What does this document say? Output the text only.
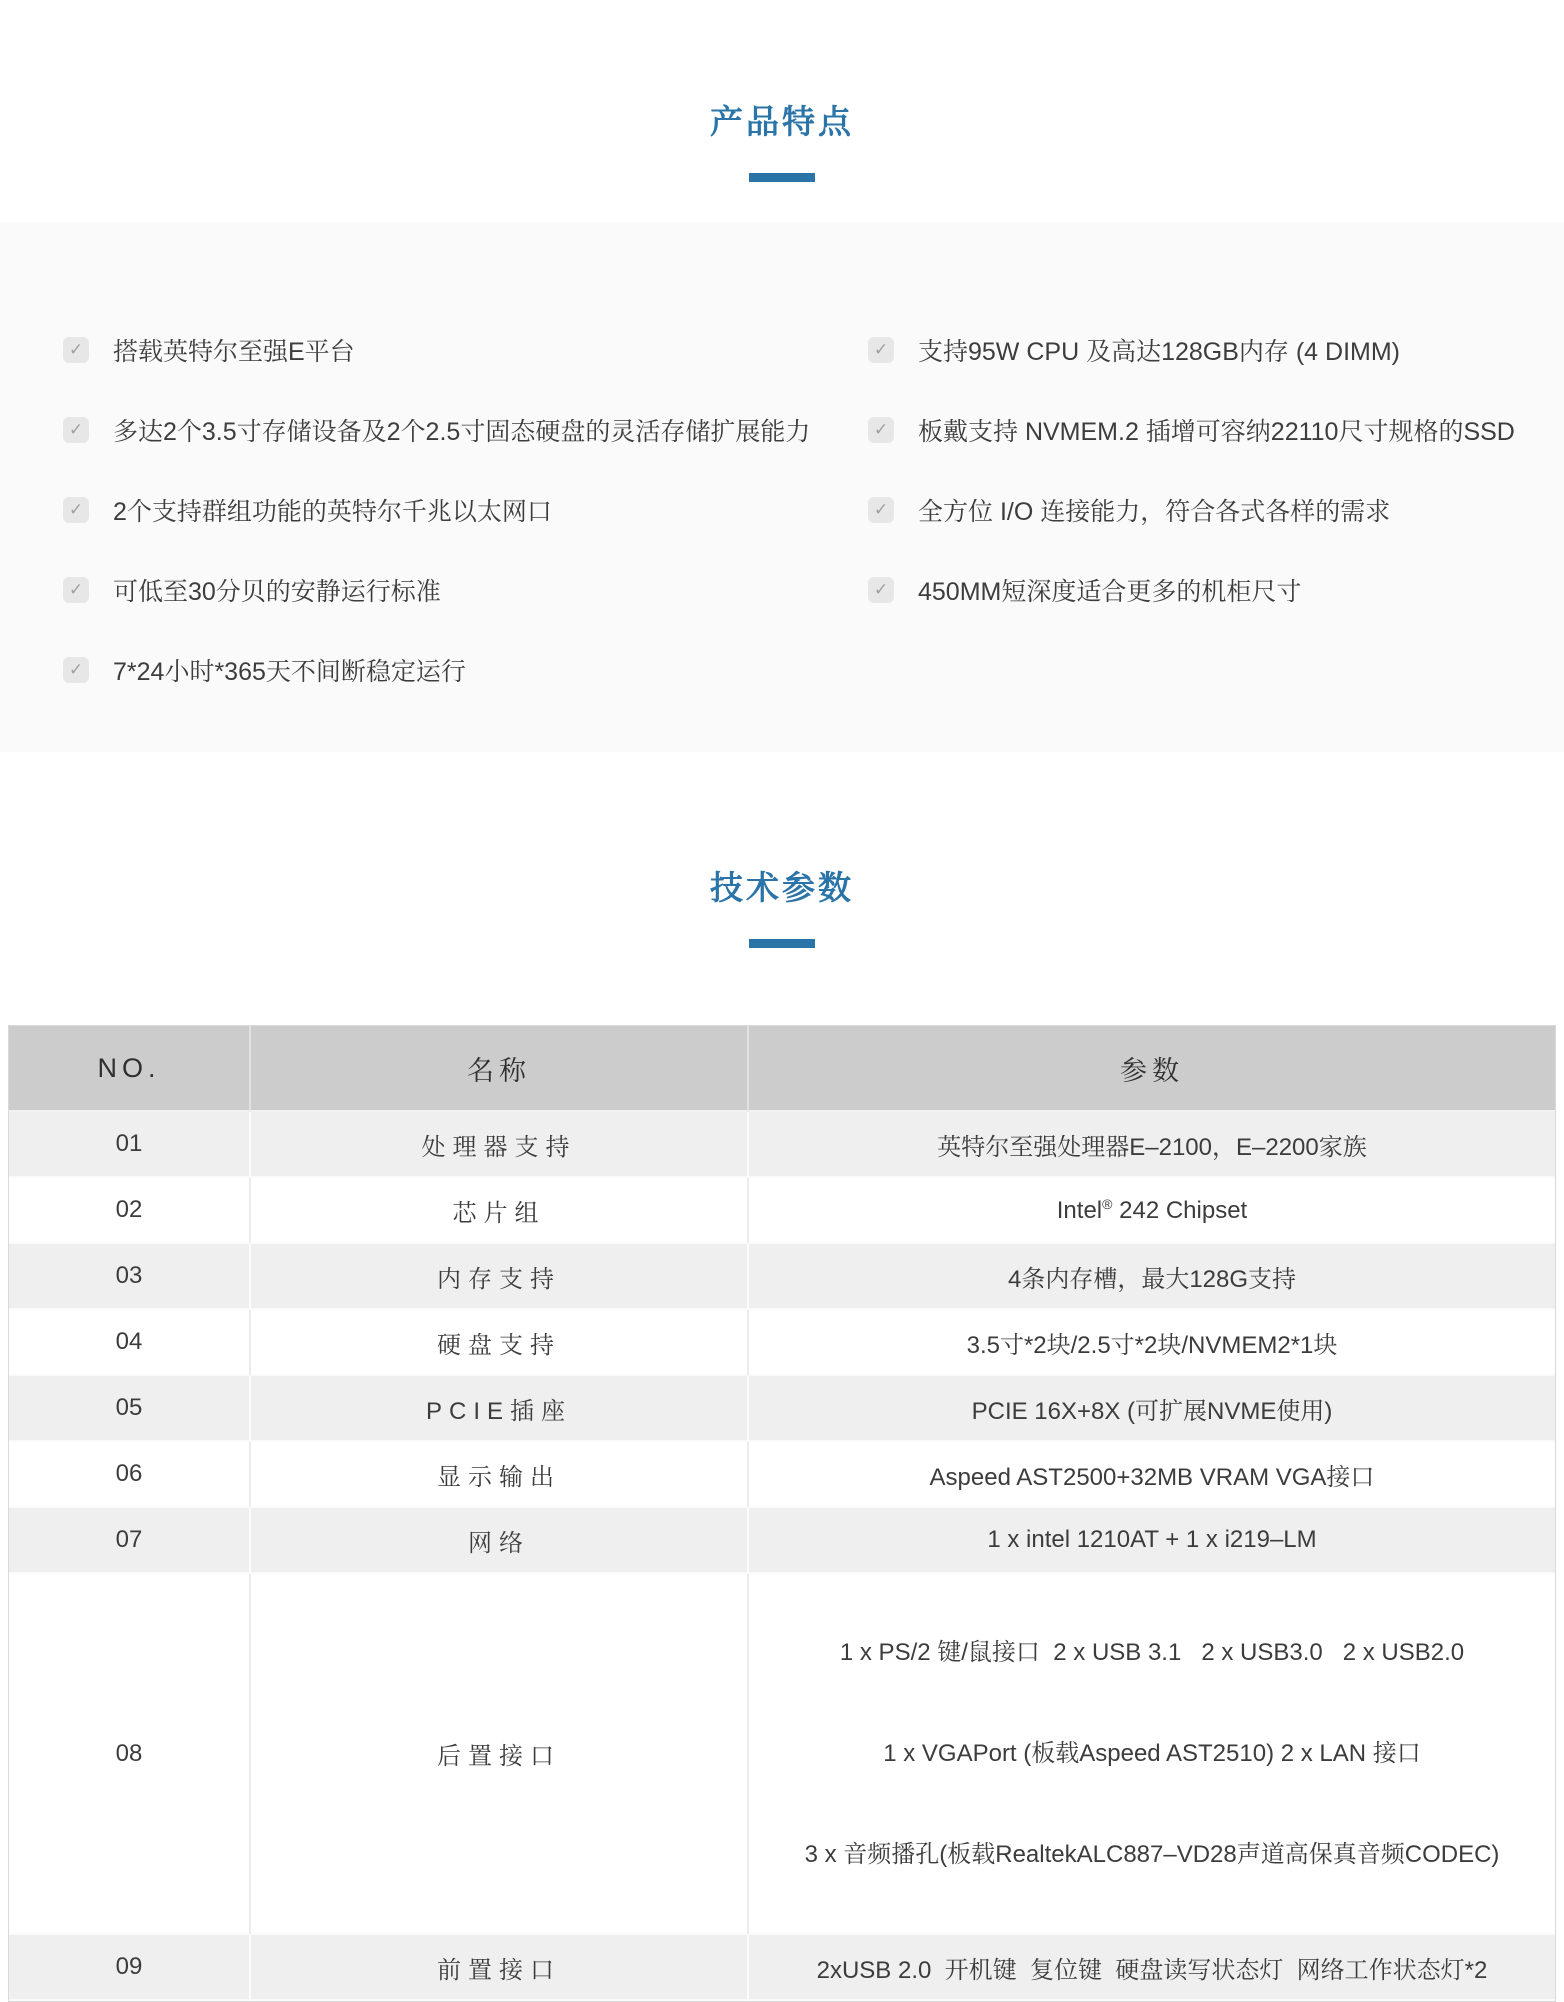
产品特点
✓ 搭载英特尔至强E平台
✓ 多达2个3.5寸存储设备及2个2.5寸固态硬盘的灵活存储扩展能力
✓ 2个支持群组功能的英特尔千兆以太网口
✓ 可低至30分贝的安静运行标准
✓ 7*24小时*365天不间断稳定运行
✓ 支持95W CPU 及高达128GB内存 (4 DIMM)
✓ 板戴支持 NVMEM.2 插增可容纳22110尺寸规格的SSD
✓ 全方位 I/O 连接能力，符合各式各样的需求
✓ 450MM短深度适合更多的机柜尺寸
技术参数
NO.	名称	参数
01	处理器支持	英特尔至强处理器E–2100，E–2200家族
02	芯片组	Intel® 242 Chipset
03	内存支持	4条内存槽，最大128G支持
04	硬盘支持	3.5寸*2块/2.5寸*2块/NVMEM2*1块
05	PCIE插座	PCIE 16X+8X (可扩展NVME使用)
06	显示输出	Aspeed AST2500+32MB VRAM VGA接口
07	网络	1 x intel 1210AT + 1 x i219–LM
08	后置接口	1 x PS/2 键/鼠接口  2 x USB 3.1   2 x USB3.0   2 x USB2.0

1 x VGAPort (板载Aspeed AST2510) 2 x LAN 接口

3 x 音频播孔(板载RealtekALC887–VD28声道高保真音频CODEC)

09	前置接口	2xUSB 2.0  开机键  复位键  硬盘读写状态灯  网络工作状态灯*2
